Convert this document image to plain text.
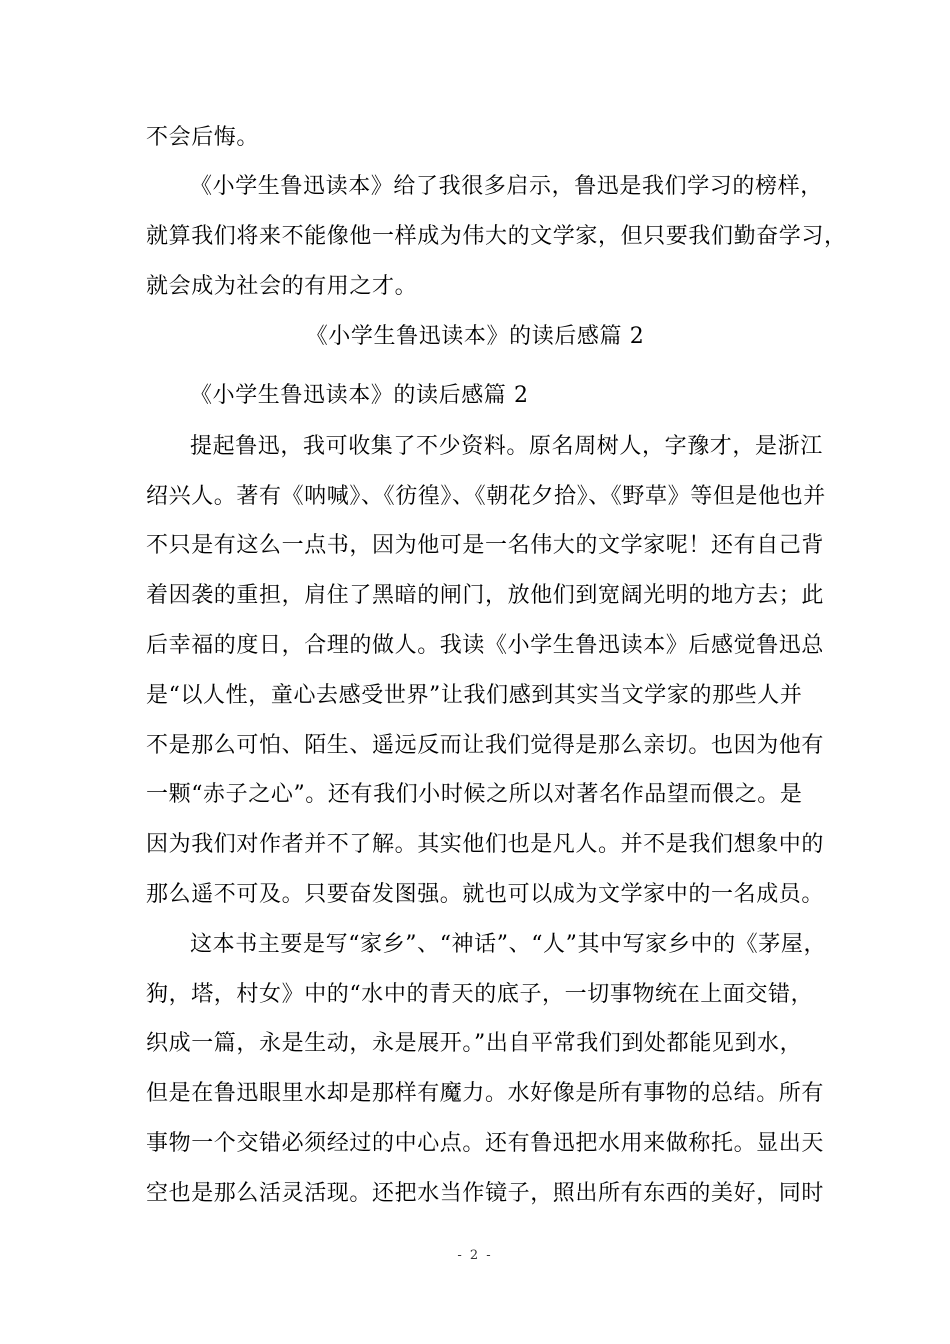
不会后悔。
《小学生鲁迅读本》给了我很多启示，鲁迅是我们学习的榜样，
就算我们将来不能像他一样成为伟大的文学家，但只要我们勤奋学习，
就会成为社会的有用之才。
《小学生鲁迅读本》的读后感篇 2
《小学生鲁迅读本》的读后感篇 2
提起鲁迅，我可收集了不少资料。原名周树人，字豫才，是浙江
绍兴人。著有《呐喊》、《彷徨》、《朝花夕拾》、《野草》等但是他也并
不只是有这么一点书，因为他可是一名伟大的文学家呢！还有自己背
着因袭的重担，肩住了黑暗的闸门，放他们到宽阔光明的地方去；此
后幸福的度日，合理的做人。我读《小学生鲁迅读本》后感觉鲁迅总
是“以人性，童心去感受世界”让我们感到其实当文学家的那些人并
不是那么可怕、陌生、遥远反而让我们觉得是那么亲切。也因为他有
一颗“赤子之心”。还有我们小时候之所以对著名作品望而偎之。是
因为我们对作者并不了解。其实他们也是凡人。并不是我们想象中的
那么遥不可及。只要奋发图强。就也可以成为文学家中的一名成员。
这本书主要是写“家乡”、“神话”、“人”其中写家乡中的《茅屋，
狗，塔，村女》中的“水中的青天的底子，一切事物统在上面交错，
织成一篇，永是生动，永是展开。”出自平常我们到处都能见到水，
但是在鲁迅眼里水却是那样有魔力。水好像是所有事物的总结。所有
事物一个交错必须经过的中心点。还有鲁迅把水用来做称托。显出天
空也是那么活灵活现。还把水当作镜子，照出所有东西的美好，同时
- 2 -
